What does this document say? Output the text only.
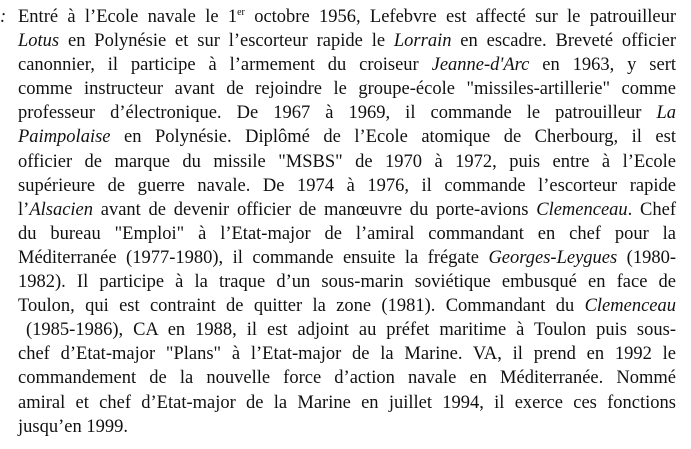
: Entré à l’Ecole navale le 1er octobre 1956, Lefebvre est affecté sur le patrouilleur
Lotus en Polynésie et sur l’escorteur rapide le Lorrain en escadre. Breveté officier
canonnier, il participe à l’armement du croiseur Jeanne-d'Arc en 1963, y sert
comme instructeur avant de rejoindre le groupe-école "missiles-artillerie" comme
professeur d’électronique. De 1967 à 1969, il commande le patrouilleur La
Paimpolaise en Polynésie. Diplômé de l’Ecole atomique de Cherbourg, il est
officier de marque du missile "MSBS" de 1970 à 1972, puis entre à l’Ecole
supérieure de guerre navale. De 1974 à 1976, il commande l’escorteur rapide
l’Alsacien avant de devenir officier de manœuvre du porte-avions Clemenceau. Chef
du bureau "Emploi" à l’Etat-major de l’amiral commandant en chef pour la
Méditerranée (1977-1980), il commande ensuite la frégate Georges-Leygues (1980-
1982). Il participe à la traque d’un sous-marin soviétique embusqué en face de
Toulon, qui est contraint de quitter la zone (1981). Commandant du Clemenceau
(1985-1986), CA en 1988, il est adjoint au préfet maritime à Toulon puis sous-
chef d’Etat-major "Plans" à l’Etat-major de la Marine. VA, il prend en 1992 le
commandement de la nouvelle force d’action navale en Méditerranée. Nommé
amiral et chef d’Etat-major de la Marine en juillet 1994, il exerce ces fonctions
jusqu’en 1999.
